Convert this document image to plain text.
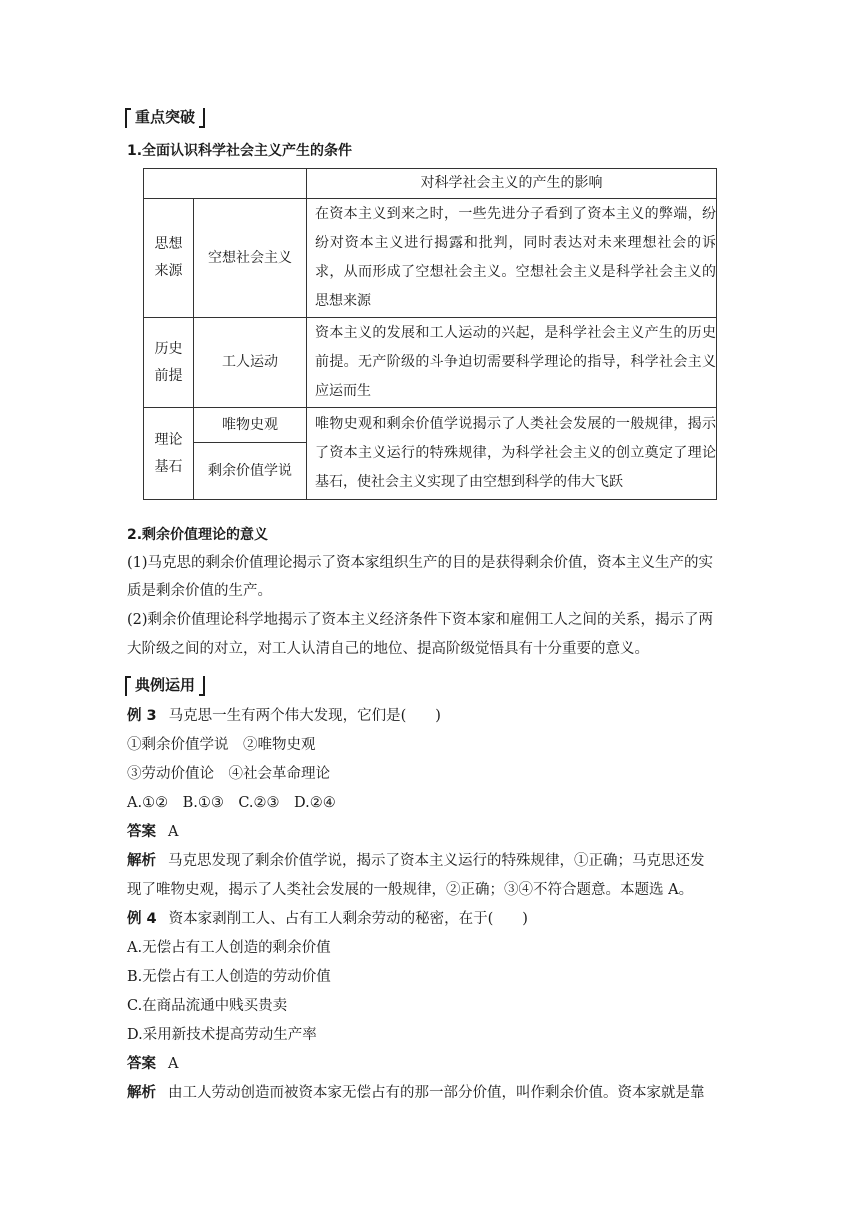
重点突破
1.全面认识科学社会主义产生的条件
		对科学社会主义的产生的影响

思想来源	空想社会主义	在资本主义到来之时，一些先进分子看到了资本主义的弊端，纷纷对资本主义进行揭露和批判，同时表达对未来理想社会的诉求，从而形成了空想社会主义。空想社会主义是科学社会主义的思想来源

历史前提	工人运动	资本主义的发展和工人运动的兴起，是科学社会主义产生的历史前提。无产阶级的斗争迫切需要科学理论的指导，科学社会主义应运而生

理论基石	唯物史观	唯物史观和剩余价值学说揭示了人类社会发展的一般规律，揭示了资本主义运行的特殊规律，为科学社会主义的创立奠定了理论基石，使社会主义实现了由空想到科学的伟大飞跃
	剩余价值学说	
2.剩余价值理论的意义
(1)马克思的剩余价值理论揭示了资本家组织生产的目的是获得剩余价值，资本主义生产的实
质是剩余价值的生产。
(2)剩余价值理论科学地揭示了资本主义经济条件下资本家和雇佣工人之间的关系，揭示了两
大阶级之间的对立，对工人认清自己的地位、提高阶级觉悟具有十分重要的意义。
典例运用
例 3 马克思一生有两个伟大发现，它们是(　　)
①剩余价值学说　②唯物史观
③劳动价值论　④社会革命理论
A.①②　B.①③　C.②③　D.②④
答案 A
解析 马克思发现了剩余价值学说，揭示了资本主义运行的特殊规律，①正确；马克思还发
现了唯物史观，揭示了人类社会发展的一般规律，②正确；③④不符合题意。本题选 A。
例 4 资本家剥削工人、占有工人剩余劳动的秘密，在于(　　)
A.无偿占有工人创造的剩余价值
B.无偿占有工人创造的劳动价值
C.在商品流通中贱买贵卖
D.采用新技术提高劳动生产率
答案 A
解析 由工人劳动创造而被资本家无偿占有的那一部分价值，叫作剩余价值。资本家就是靠
